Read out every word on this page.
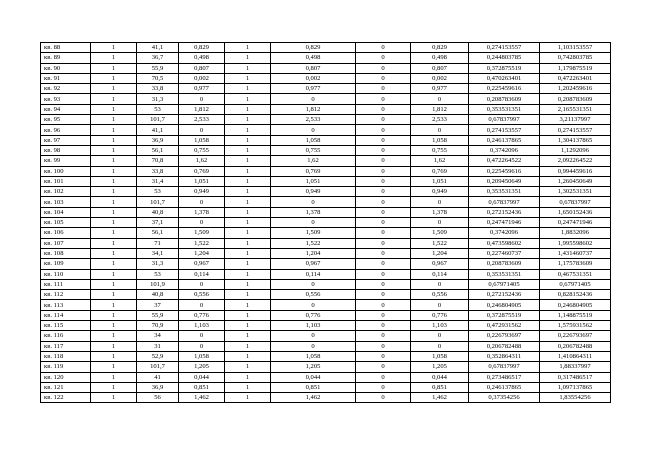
кв. 88	1	41,1	0,829	1	0,829	0	0,829	0,274153557	1,103153557
кв. 89	1	36,7	0,498	1	0,498	0	0,498	0,244803785	0,742803785
кв. 90	1	55,9	0,807	1	0,807	0	0,807	0,372875519	1,179875519
кв. 91	1	70,5	0,002	1	0,002	0	0,002	0,470263401	0,472263401
кв. 92	1	33,8	0,977	1	0,977	0	0,977	0,225459616	1,202459616
кв. 93	1	31,3	0	1	0	0	0	0,208783609	0,208783609
кв. 94	1	53	1,812	1	1,812	0	1,812	0,353531351	2,165531351
кв. 95	1	101,7	2,533	1	2,533	0	2,533	0,67837997	3,21137997
кв. 96	1	41,1	0	1	0	0	0	0,274153557	0,274153557
кв. 97	1	36,9	1,058	1	1,058	0	1,058	0,246137865	1,304137865
кв. 98	1	56,1	0,755	1	0,755	0	0,755	0,3742096	1,1292096
кв. 99	1	70,8	1,62	1	1,62	0	1,62	0,472264522	2,092264522
кв. 100	1	33,8	0,769	1	0,769	0	0,769	0,225459616	0,994459616
кв. 101	1	31,4	1,051	1	1,051	0	1,051	0,209450649	1,260450649
кв. 102	1	53	0,949	1	0,949	0	0,949	0,353531351	1,302531351
кв. 103	1	101,7	0	1	0	0	0	0,67837997	0,67837997
кв. 104	1	40,8	1,378	1	1,378	0	1,378	0,272152436	1,650152436
кв. 105	1	37,1	0	1	0	0	0	0,247471946	0,247471946
кв. 106	1	56,1	1,509	1	1,509	0	1,509	0,3742096	1,8832096
кв. 107	1	71	1,522	1	1,522	0	1,522	0,473598602	1,995598602
кв. 108	1	34,1	1,204	1	1,204	0	1,204	0,227460737	1,431460737
кв. 109	1	31,3	0,967	1	0,967	0	0,967	0,208783609	1,175783609
кв. 110	1	53	0,114	1	0,114	0	0,114	0,353531351	0,467531351
кв. 111	1	101,9	0	1	0	0	0	0,67971405	0,67971405
кв. 112	1	40,8	0,556	1	0,556	0	0,556	0,272152436	0,828152436
кв. 113	1	37	0	1	0	0	0	0,246804905	0,246804905
кв. 114	1	55,9	0,776	1	0,776	0	0,776	0,372875519	1,148875519
кв. 115	1	70,9	1,103	1	1,103	0	1,103	0,472931562	1,575931562
кв. 116	1	34	0	1	0	0	0	0,226793697	0,226793697
кв. 117	1	31	0	1	0	0	0	0,206782488	0,206782488
кв. 118	1	52,9	1,058	1	1,058	0	1,058	0,352864311	1,410864311
кв. 119	1	101,7	1,205	1	1,205	0	1,205	0,67837997	1,88337997
кв. 120	1	41	0,044	1	0,044	0	0,044	0,273486517	0,317486517
кв. 121	1	36,9	0,851	1	0,851	0	0,851	0,246137865	1,097137865
кв. 122	1	56	1,462	1	1,462	0	1,462	0,37354256	1,83554256
